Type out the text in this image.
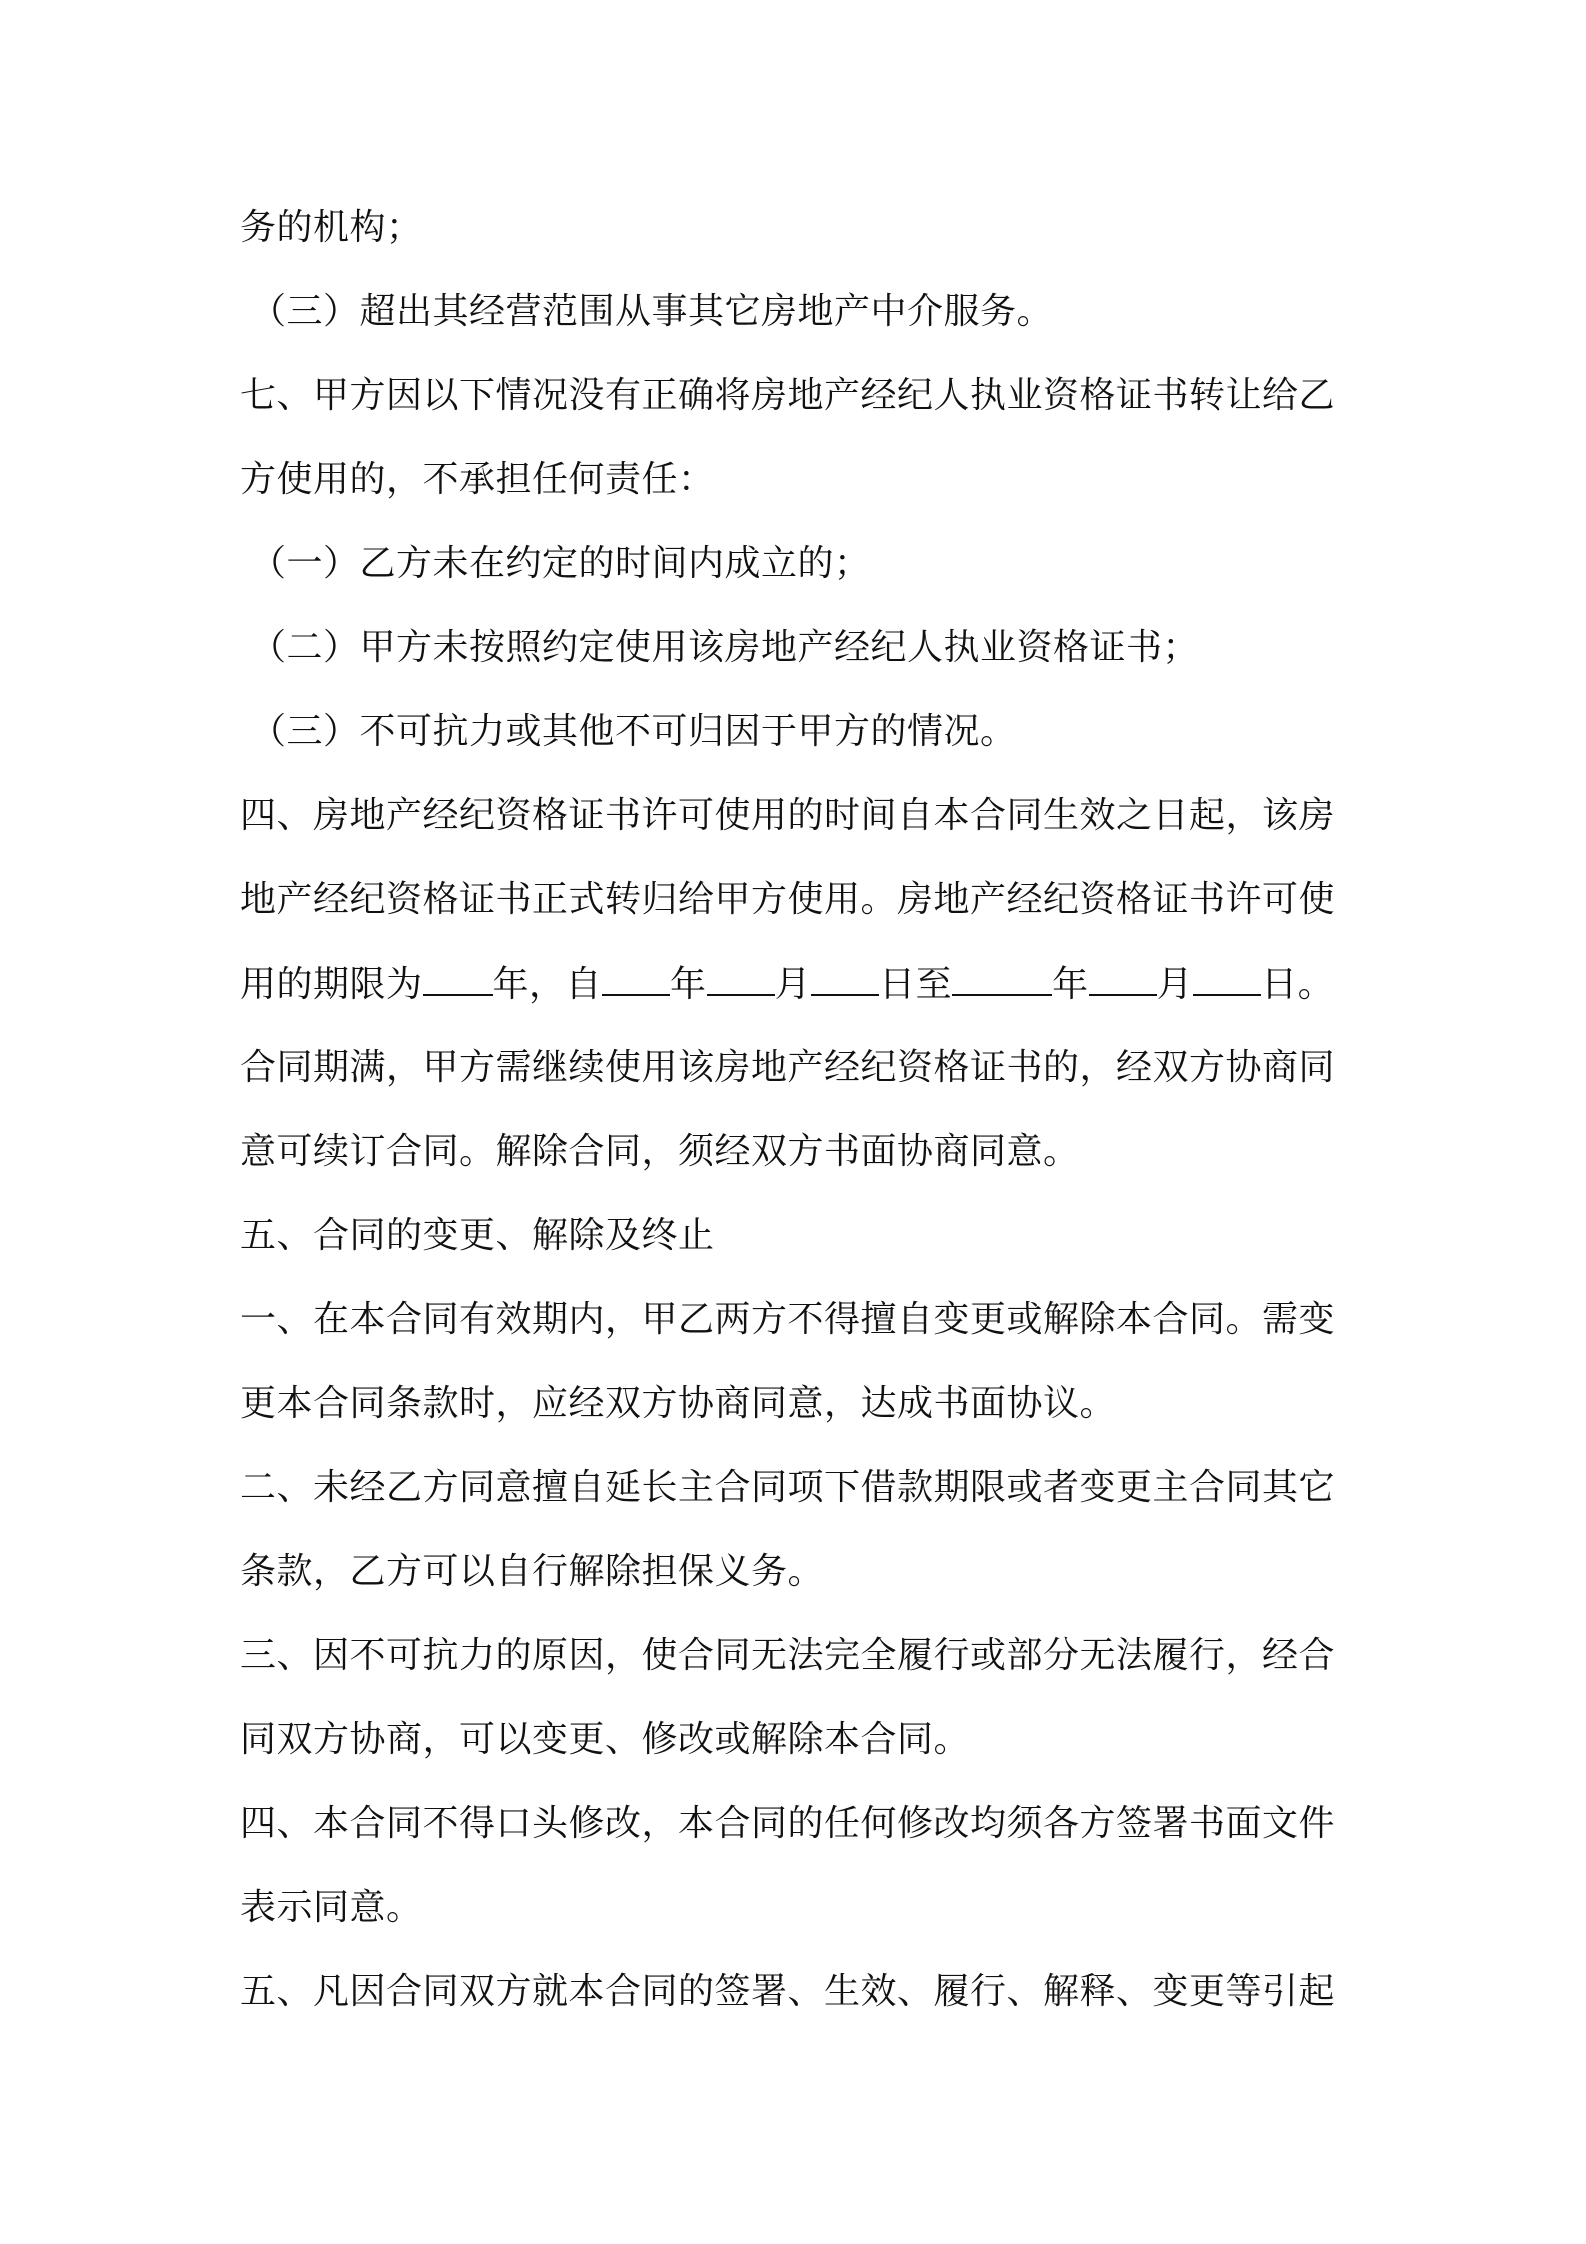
务的机构；
（三）超出其经营范围从事其它房地产中介服务。
七、甲方因以下情况没有正确将房地产经纪人执业资格证书转让给乙
方使用的，不承担任何责任：
（一）乙方未在约定的时间内成立的；
（二）甲方未按照约定使用该房地产经纪人执业资格证书；
（三）不可抗力或其他不可归因于甲方的情况。
四、房地产经纪资格证书许可使用的时间自本合同生效之日起，该房
地产经纪资格证书正式转归给甲方使用。房地产经纪资格证书许可使
用的期限为 年，自 年 月 日至	年 月 日。
合同期满，甲方需继续使用该房地产经纪资格证书的，经双方协商同
意可续订合同。解除合同，须经双方书面协商同意。
五、合同的变更、解除及终止
一、在本合同有效期内，甲乙两方不得擅自变更或解除本合同。需变
更本合同条款时，应经双方协商同意，达成书面协议。
二、未经乙方同意擅自延长主合同项下借款期限或者变更主合同其它
条款，乙方可以自行解除担保义务。
三、因不可抗力的原因，使合同无法完全履行或部分无法履行，经合
同双方协商，可以变更、修改或解除本合同。
四、本合同不得口头修改，本合同的任何修改均须各方签署书面文件
表示同意。
五、凡因合同双方就本合同的签署、生效、履行、解释、变更等引起
